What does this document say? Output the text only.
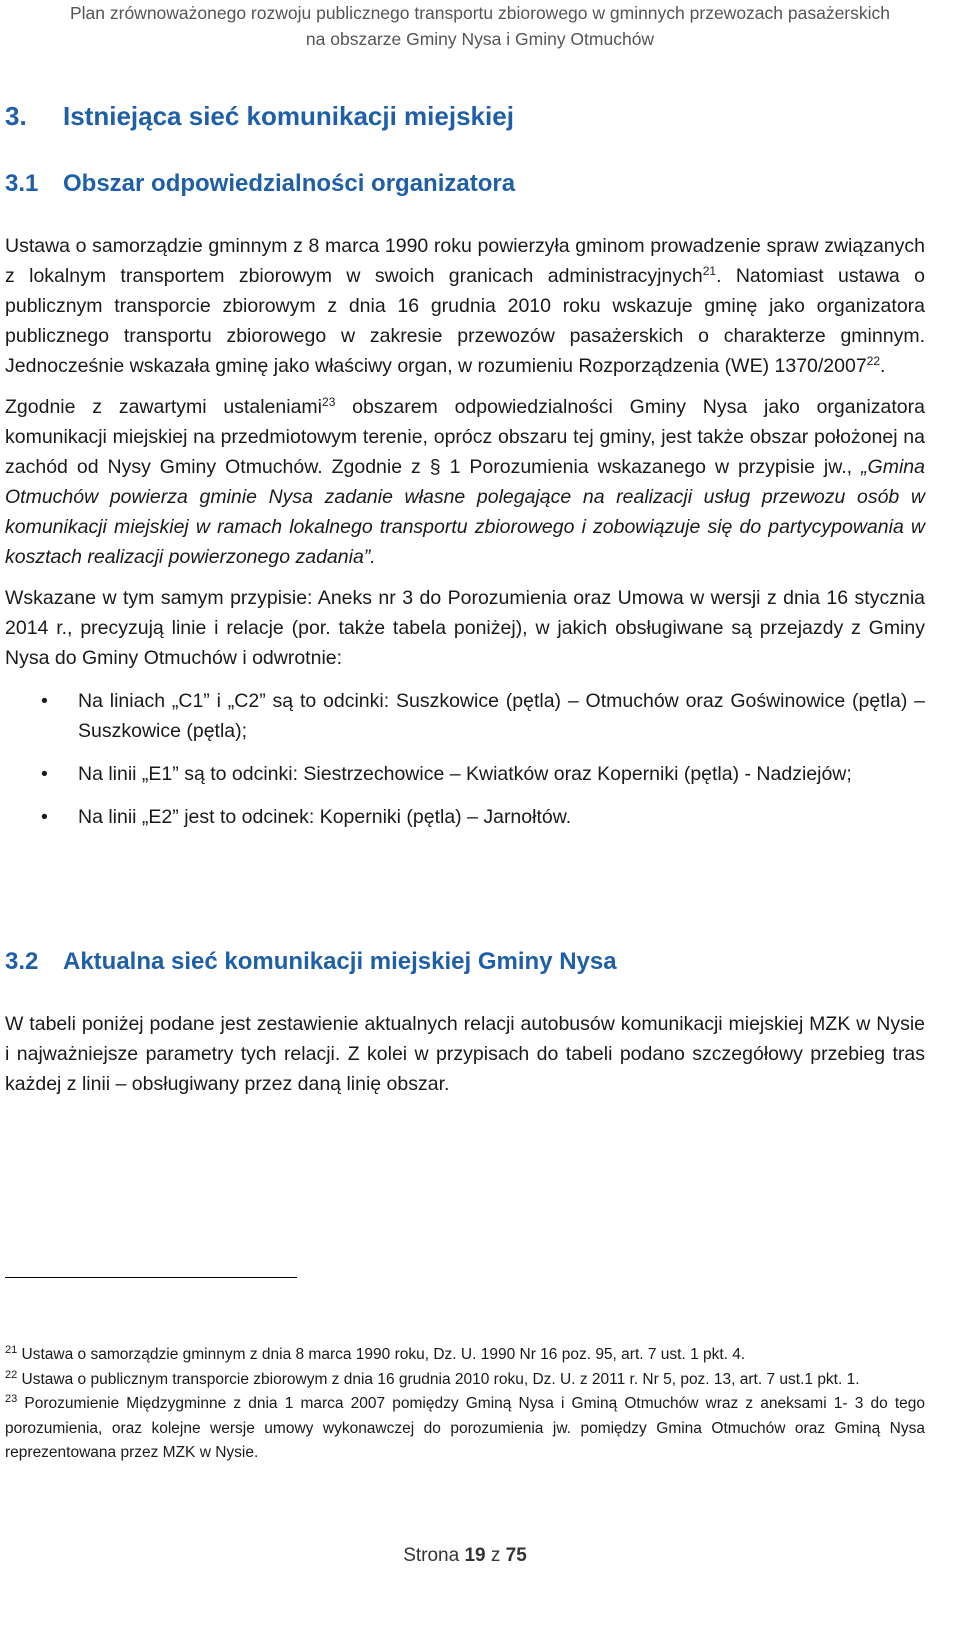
Plan zrównoważonego rozwoju publicznego transportu zbiorowego w gminnych przewozach pasażerskich
na obszarze Gminy Nysa i Gminy Otmuchów
3. Istniejąca sieć komunikacji miejskiej
3.1 Obszar odpowiedzialności organizatora

Ustawa o samorządzie gminnym z 8 marca 1990 roku powierzyła gminom prowadzenie spraw związanych z lokalnym transportem zbiorowym w swoich granicach administracyjnych$^{21}$. Natomiast ustawa o publicznym transporcie zbiorowym z dnia 16 grudnia 2010 roku wskazuje gminę jako organizatora publicznego transportu zbiorowego w zakresie przewozów pasażerskich o charakterze gminnym. Jednocześnie wskazała gminę jako właściwy organ, w rozumieniu Rozporządzenia (WE) 1370/2007$^{22}$.

Zgodnie z zawartymi ustaleniami$^{23}$ obszarem odpowiedzialności Gminy Nysa jako organizatora komunikacji miejskiej na przedmiotowym terenie, oprócz obszaru tej gminy, jest także obszar położonej na zachód od Nysy Gminy Otmuchów. Zgodnie z § 1 Porozumienia wskazanego w przypisie jw., „Gmina Otmuchów powierza gminie Nysa zadanie własne polegające na realizacji usług przewozu osób w komunikacji miejskiej w ramach lokalnego transportu zbiorowego i zobowiązuje się do partycypowania w kosztach realizacji powierzonego zadania”.

Wskazane w tym samym przypisie: Aneks nr 3 do Porozumienia oraz Umowa w wersji z dnia 16 stycznia 2014 r., precyzują linie i relacje (por. także tabela poniżej), w jakich obsługiwane są przejazdy z Gminy Nysa do Gminy Otmuchów i odwrotnie:

• Na liniach „C1” i „C2” są to odcinki: Suszkowice (pętla) – Otmuchów oraz Goświnowice (pętla) – Suszkowice (pętla);
• Na linii „E1” są to odcinki: Siestrzechowice – Kwiatków oraz Koperniki (pętla) - Nadziejów;
• Na linii „E2” jest to odcinek: Koperniki (pętla) – Jarnołtów.
3.2 Aktualna sieć komunikacji miejskiej Gminy Nysa

W tabeli poniżej podane jest zestawienie aktualnych relacji autobusów komunikacji miejskiej MZK w Nysie i najważniejsze parametry tych relacji. Z kolei w przypisach do tabeli podano szczegółowy przebieg tras każdej z linii – obsługiwany przez daną linię obszar.

$^{21}$ Ustawa o samorządzie gminnym z dnia 8 marca 1990 roku, Dz. U. 1990 Nr 16 poz. 95, art. 7 ust. 1 pkt. 4.

$^{22}$ Ustawa o publicznym transporcie zbiorowym z dnia 16 grudnia 2010 roku, Dz. U. z 2011 r. Nr 5, poz. 13, art. 7 ust.1 pkt. 1.

$^{23}$ Porozumienie Międzygminne z dnia 1 marca 2007 pomiędzy Gminą Nysa i Gminą Otmuchów wraz z aneksami 1- 3 do tego porozumienia, oraz kolejne wersje umowy wykonawczej do porozumienia jw. pomiędzy Gmina Otmuchów oraz Gminą Nysa reprezentowana przez MZK w Nysie.

Strona 19 z 75
